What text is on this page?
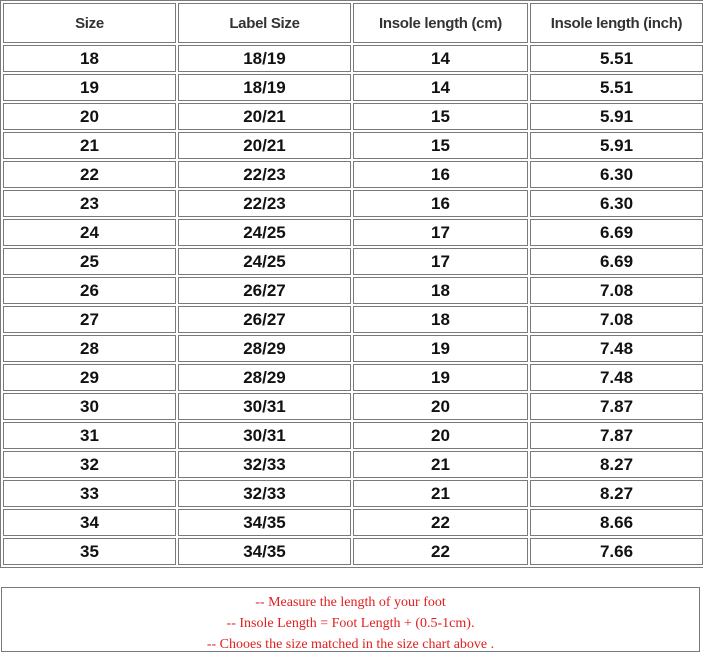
Size	Label Size	Insole length (cm)	Insole length (inch)
18	18/19	14	5.51
19	18/19	14	5.51
20	20/21	15	5.91
21	20/21	15	5.91
22	22/23	16	6.30
23	22/23	16	6.30
24	24/25	17	6.69
25	24/25	17	6.69
26	26/27	18	7.08
27	26/27	18	7.08
28	28/29	19	7.48
29	28/29	19	7.48
30	30/31	20	7.87
31	30/31	20	7.87
32	32/33	21	8.27
33	32/33	21	8.27
34	34/35	22	8.66
35	34/35	22	7.66
-- Measure the length of your foot
-- Insole Length = Foot Length + (0.5-1cm).
-- Chooes the size matched in the size chart above .
